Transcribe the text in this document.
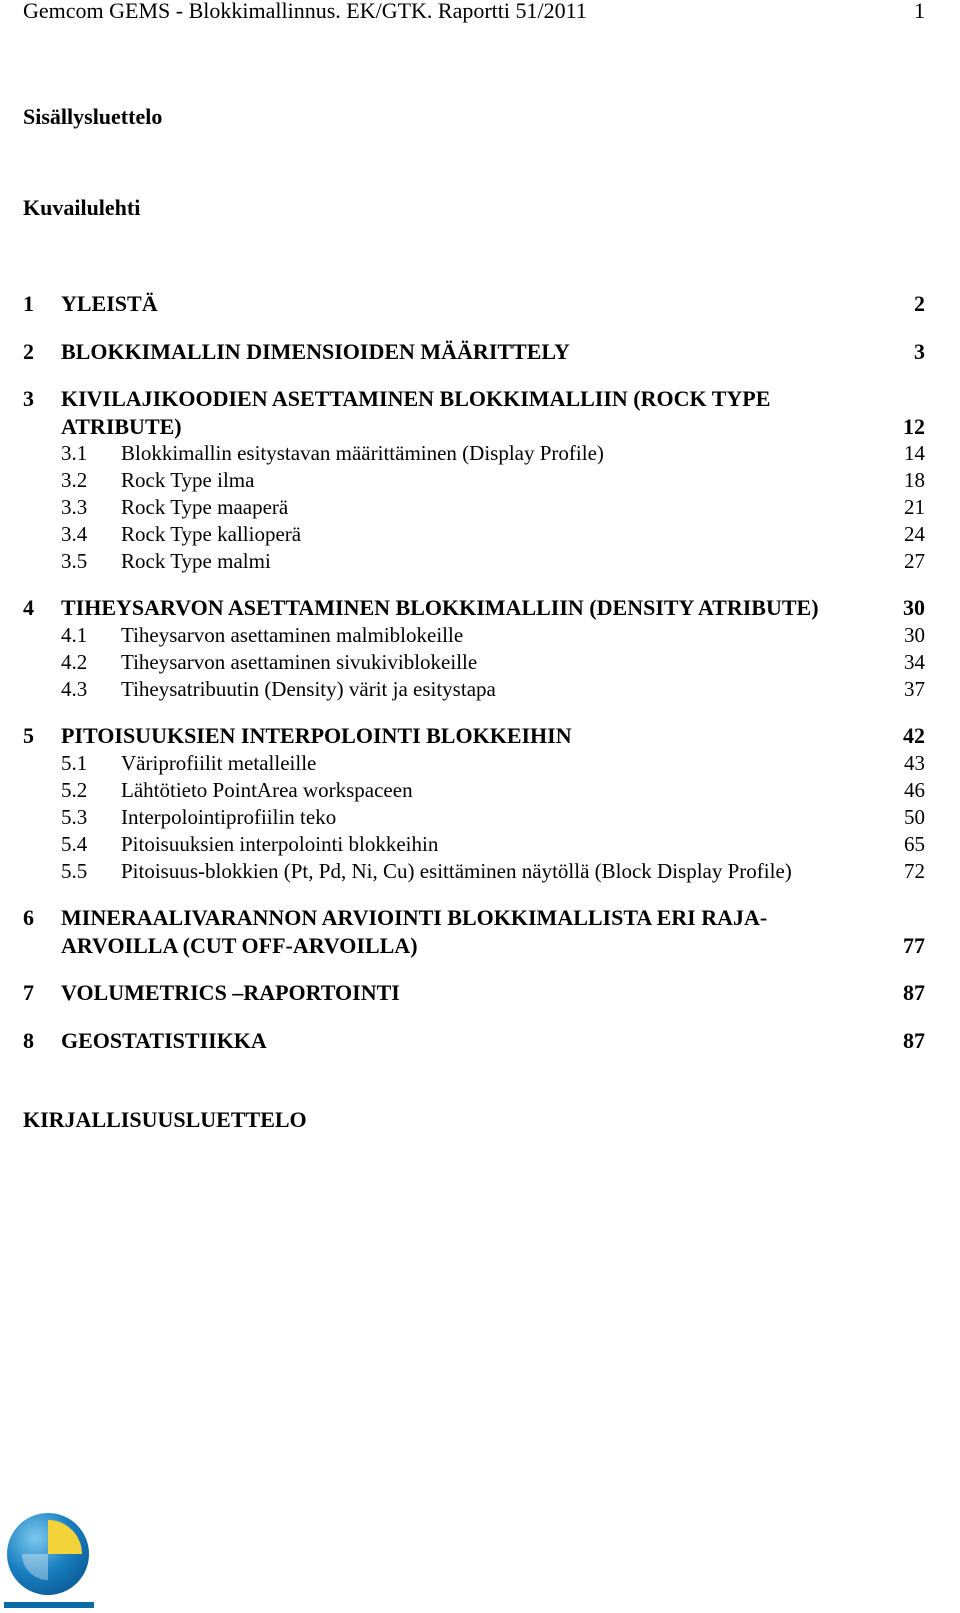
Gemcom GEMS - Blokkimallinnus. EK/GTK. Raportti 51/2011	1
Sisällysluettelo
Kuvailulehti
1 YLEISTÄ	2
2 BLOKKIMALLIN DIMENSIOIDEN MÄÄRITTELY	3
3 KIVILAJIKOODIEN ASETTAMINEN BLOKKIMALLIIN (ROCK TYPE
ATRIBUTE)	12
3.1 Blokkimallin esitystavan määrittäminen (Display Profile)	14
3.2 Rock Type ilma	18
3.3 Rock Type maaperä	21
3.4 Rock Type kallioperä	24
3.5 Rock Type malmi	27
4 TIHEYSARVON ASETTAMINEN BLOKKIMALLIIN (DENSITY ATRIBUTE)	30
4.1 Tiheysarvon asettaminen malmiblokeille	30
4.2 Tiheysarvon asettaminen sivukiviblokeille	34
4.3 Tiheysatribuutin (Density) värit ja esitystapa	37
5 PITOISUUKSIEN INTERPOLOINTI BLOKKEIHIN	42
5.1 Väriprofiilit metalleille	43
5.2 Lähtötieto PointArea workspaceen	46
5.3 Interpolointiprofiilin teko	50
5.4 Pitoisuuksien interpolointi blokkeihin	65
5.5 Pitoisuus-blokkien (Pt, Pd, Ni, Cu) esittäminen näytöllä (Block Display Profile)	72
6 MINERAALIVARANNON ARVIOINTI BLOKKIMALLISTA ERI RAJA-
ARVOILLA (CUT OFF-ARVOILLA)	77
7 VOLUMETRICS –RAPORTOINTI	87
8 GEOSTATISTIIKKA	87
KIRJALLISUUSLUETTELO
